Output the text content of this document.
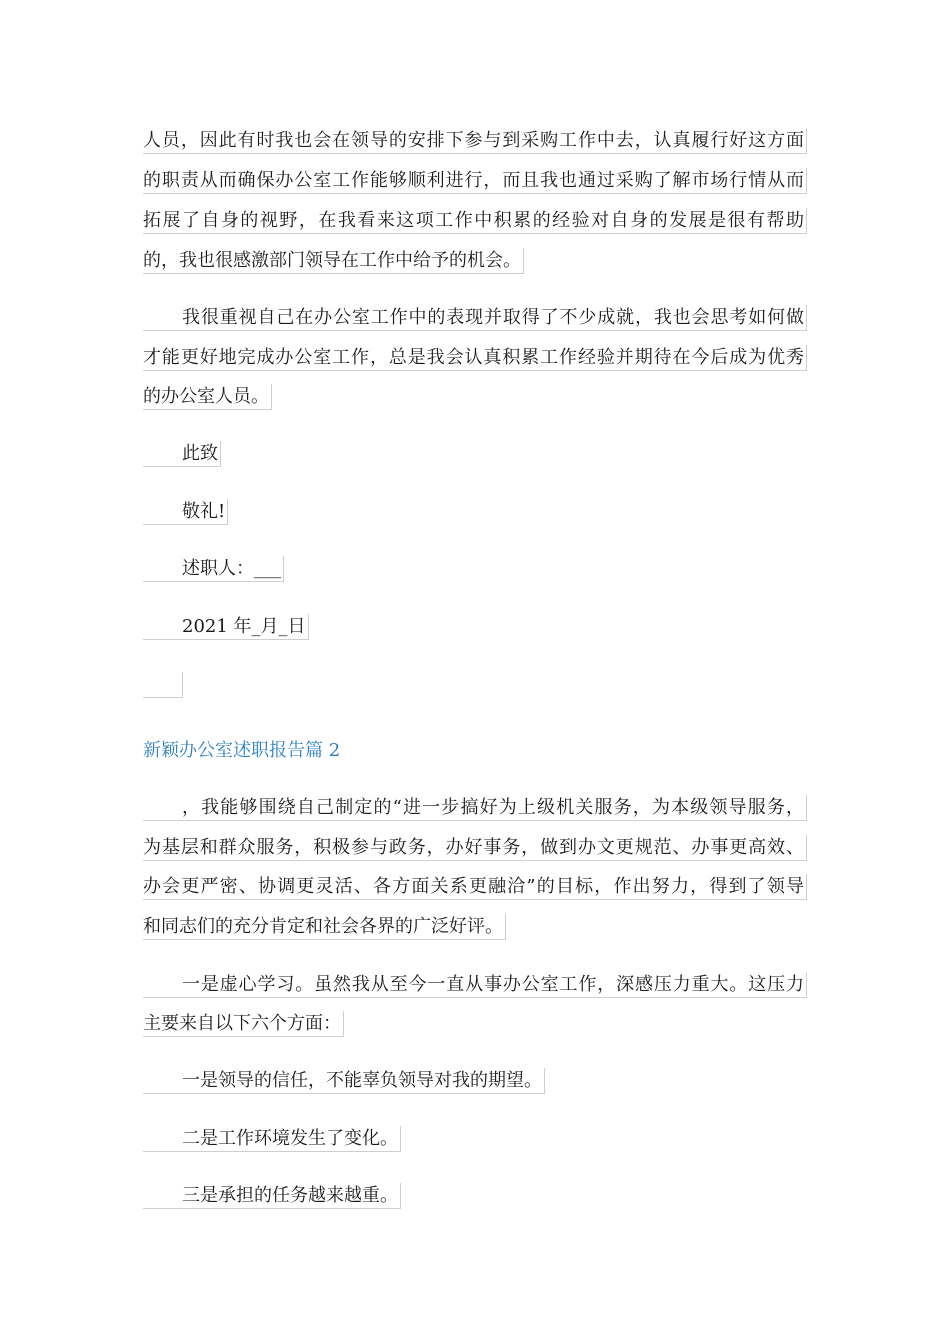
人员，因此有时我也会在领导的安排下参与到采购工作中去，认真履行好这方面
的职责从而确保办公室工作能够顺利进行，而且我也通过采购了解市场行情从而
拓展了自身的视野，在我看来这项工作中积累的经验对自身的发展是很有帮助
的，我也很感激部门领导在工作中给予的机会。
我很重视自己在办公室工作中的表现并取得了不少成就，我也会思考如何做
才能更好地完成办公室工作，总是我会认真积累工作经验并期待在今后成为优秀
的办公室人员。
此致
敬礼!
述职人：___
2021 年_月_日
新颖办公室述职报告篇 2
，我能够围绕自己制定的“进一步搞好为上级机关服务，为本级领导服务，
为基层和群众服务，积极参与政务，办好事务，做到办文更规范、办事更高效、
办会更严密、协调更灵活、各方面关系更融洽”的目标，作出努力，得到了领导
和同志们的充分肯定和社会各界的广泛好评。
一是虚心学习。虽然我从至今一直从事办公室工作，深感压力重大。这压力
主要来自以下六个方面：
一是领导的信任，不能辜负领导对我的期望。
二是工作环境发生了变化。
三是承担的任务越来越重。
